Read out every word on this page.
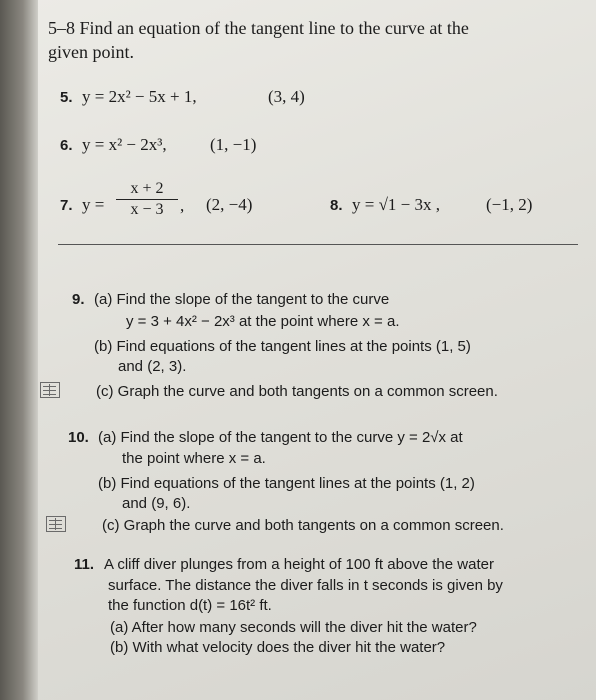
5–8 Find an equation of the tangent line to the curve at the
given point.
5. y = 2x² − 5x + 1,	(3, 4)
6. y = x² − 2x³,	(1, −1)
7. y =
x + 2
x − 3 , (2, −4)	8. y = √1 − 3x ,	(−1, 2)
9. (a) Find the slope of the tangent to the curve
y = 3 + 4x² − 2x³ at the point where x = a.
(b) Find equations of the tangent lines at the points (1, 5)
and (2, 3).
(c) Graph the curve and both tangents on a common screen.
10. (a) Find the slope of the tangent to the curve y = 2√x at
the point where x = a.
(b) Find equations of the tangent lines at the points (1, 2)
and (9, 6).
(c) Graph the curve and both tangents on a common screen.
11. A cliff diver plunges from a height of 100 ft above the water
surface. The distance the diver falls in t seconds is given by
the function d(t) = 16t² ft.
(a) After how many seconds will the diver hit the water?
(b) With what velocity does the diver hit the water?
